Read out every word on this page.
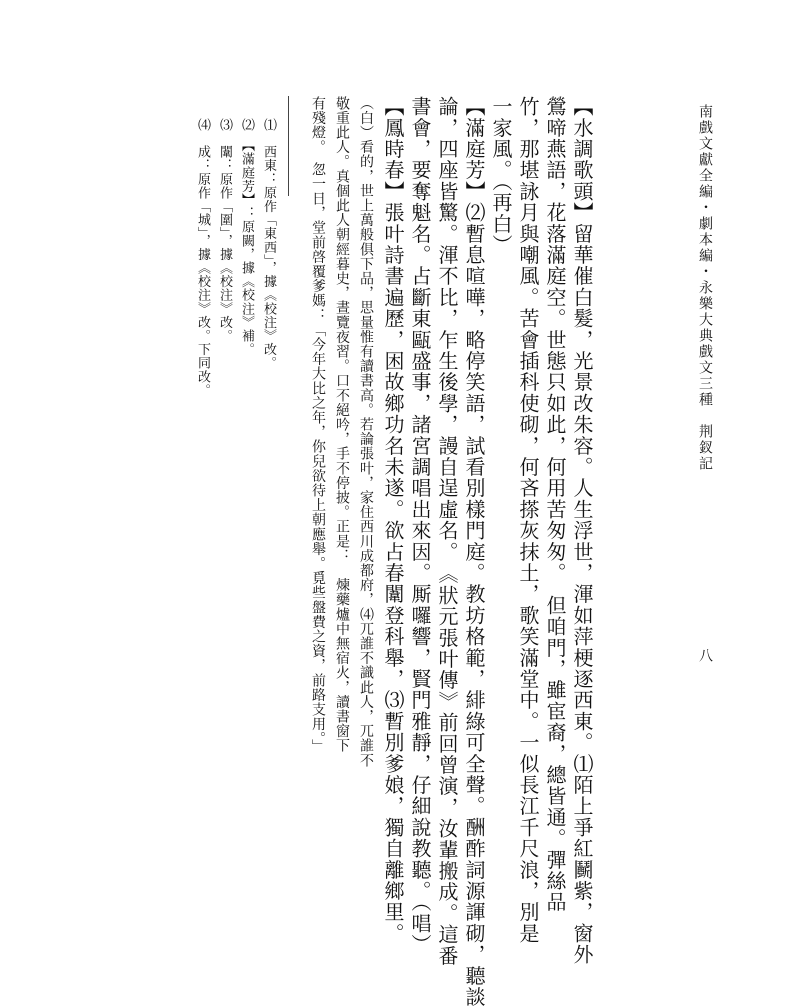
南戲文獻全編・劇本編・永樂大典戲文三種　荆釵記
八
【水調歌頭】留華催白髮，光景改朱容。人生浮世，渾如萍梗逐西東。⑴陌上爭紅鬭紫，窗外
鶯啼燕語，花落滿庭空。世態只如此，何用苦匆匆。　但咱門，雖宦裔，總皆通。彈絲品
竹，那堪詠月與嘲風。苦會插科使砌，何吝搽灰抹土，歌笑滿堂中。一似長江千尺浪，別是
一家風。（再白）
【滿庭芳】⑵暫息喧嘩，略停笑語，試看別樣門庭。教坊格範，緋綠可全聲。酬酢詞源諢砌，聽談
論，四座皆驚。渾不比，乍生後學，謾自逞虛名。　《狀元張叶傳》前回曾演，汝輩搬成。這番
書會，要奪魁名。占斷東甌盛事，諸宮調唱出來因。厮囉響，賢門雅靜，仔細說教聽。（唱）
【鳳時春】張叶詩書遍歷，困故鄉功名未遂。欲占春闈登科舉，⑶暫別爹娘，獨自離鄉里。
（白）看的，世上萬般俱下品，思量惟有讀書高。若論張叶，家住西川成都府，⑷兀誰不識此人，兀誰不
敬重此人。真個此人朝經暮史，晝覽夜習。口不絕吟，手不停披。正是：　煉藥爐中無宿火，讀書窗下
有殘燈。　忽一日，堂前啓覆爹媽：「今年大比之年，你兒欲待上朝應舉。覓些盤費之資，前路支用。」
⑴　西東：原作「東西」，據《校注》改。
⑵　【滿庭芳】：原闕，據《校注》補。
⑶　闈：原作「圍」，據《校注》改。
⑷　成：原作「城」，據《校注》改。下同改。
